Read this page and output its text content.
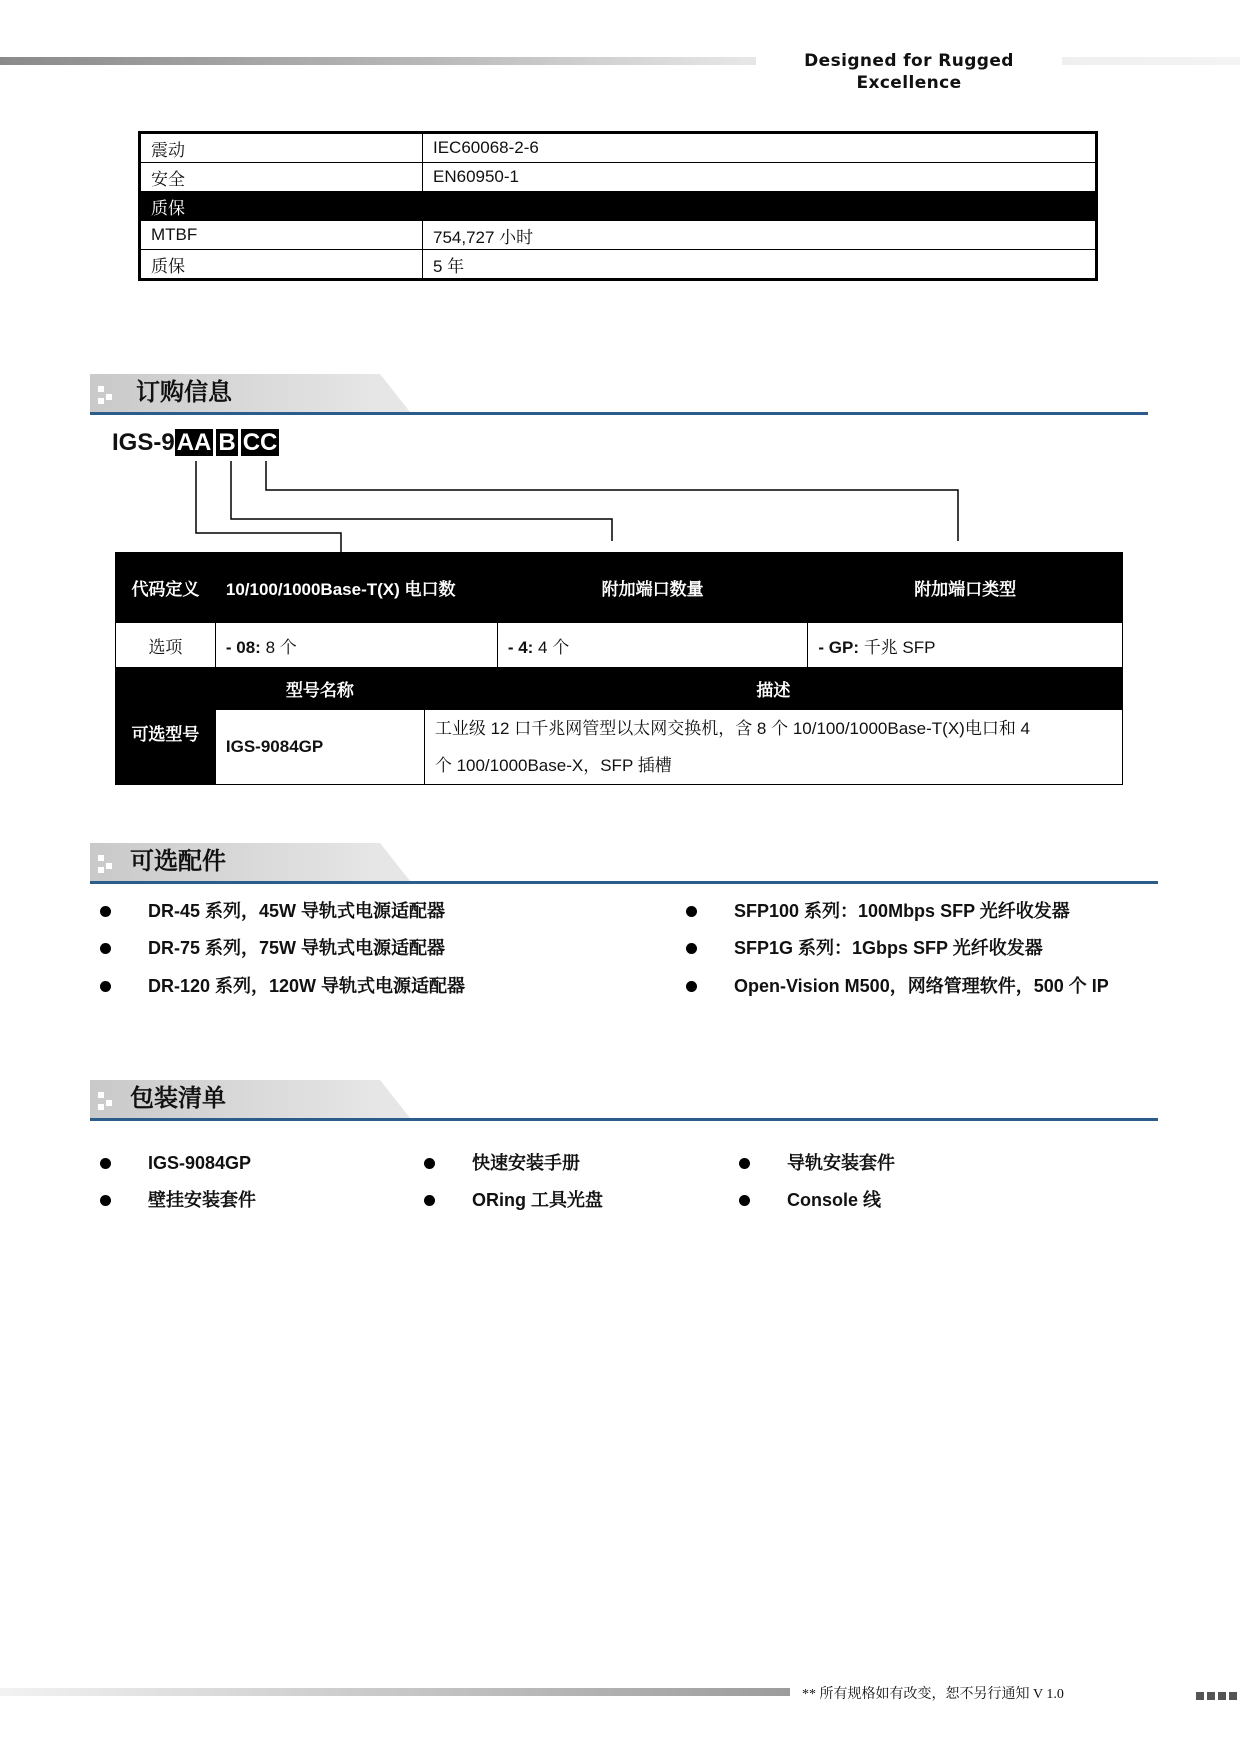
Designed for Rugged Excellence
震动	IEC60068-2-6
安全	EN60950-1
质保	
MTBF	754,727 小时
质保	5 年
订购信息
IGS-9AA B CC
代码定义	10/100/1000Base-T(X) 电口数		附加端口数量	附加端口类型
选项	- 08: 8 个		- 4: 4 个	- GP: 千兆 SFP
可选型号	型号名称	描述		
	IGS-9084GP	工业级 12 口千兆网管型以太网交换机，含 8 个 10/100/1000Base-T(X)电口和 4
个 100/1000Base-X，SFP 插槽		
可选配件
DR-45 系列，45W 导轨式电源适配器
DR-75 系列，75W 导轨式电源适配器
DR-120 系列，120W 导轨式电源适配器
SFP100 系列：100Mbps SFP 光纤收发器
SFP1G 系列：1Gbps SFP 光纤收发器
Open-Vision M500，网络管理软件，500 个 IP
包装清单
IGS-9084GP
壁挂安装套件
快速安装手册
ORing 工具光盘
导轨安装套件
Console 线
** 所有规格如有改变，恕不另行通知 V 1.0
